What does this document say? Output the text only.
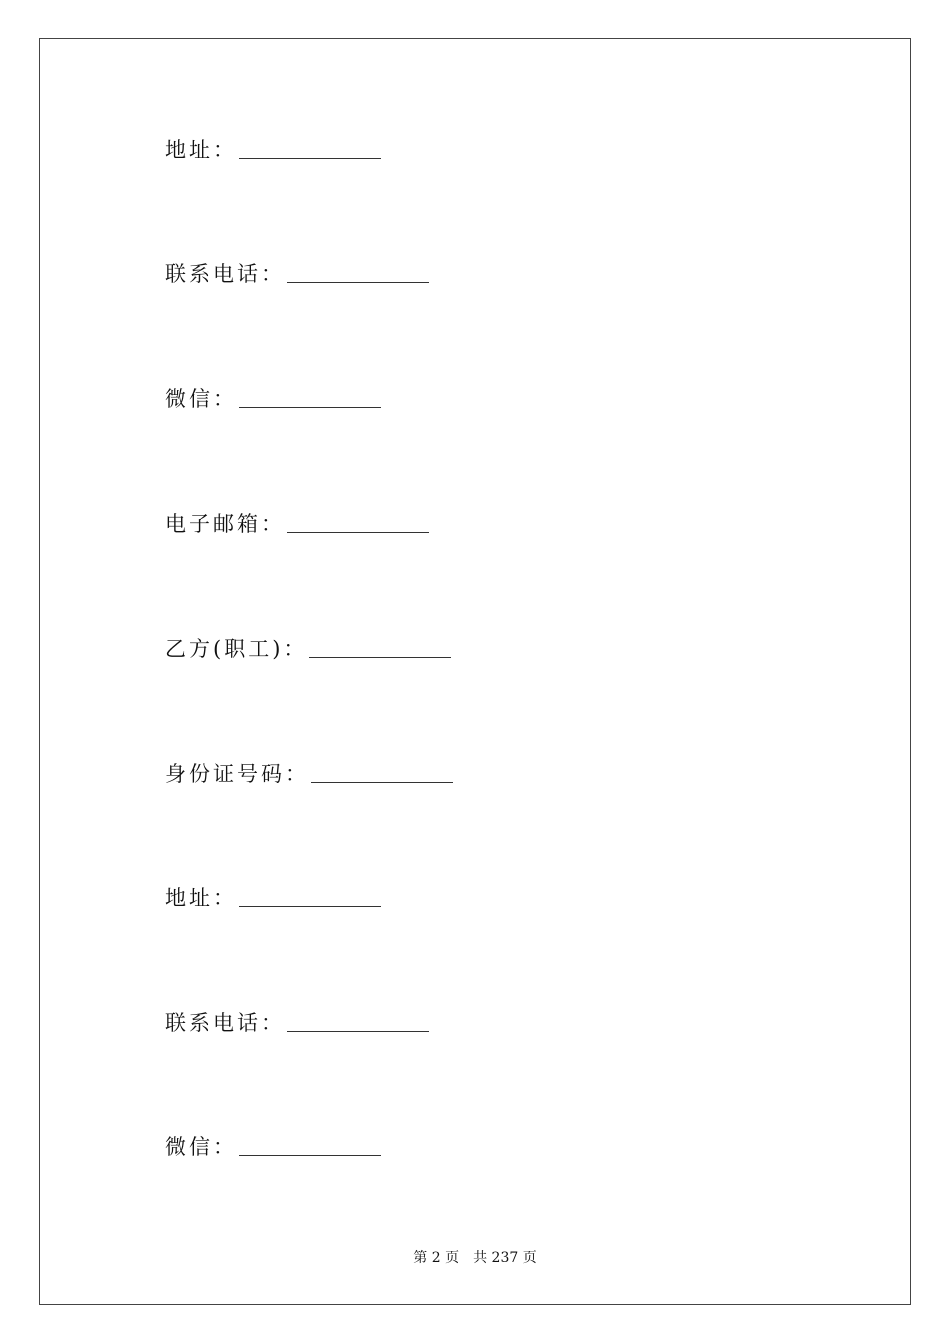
地址：
联系电话：
微信：
电子邮箱：
乙方(职工)：
身份证号码：
地址：
联系电话：
微信：
第 2 页 共 237 页
